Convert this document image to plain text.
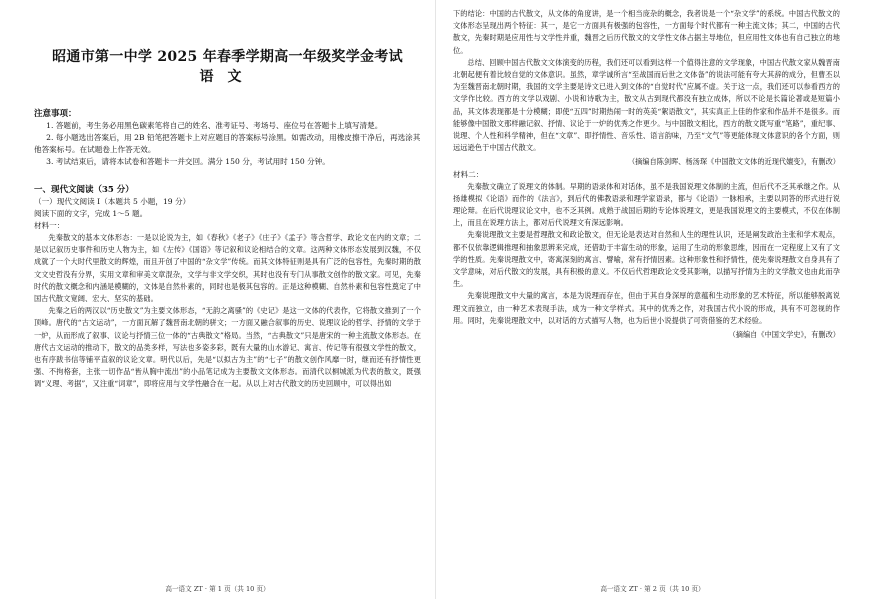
昭通市第一中学 2025 年春季学期高一年级奖学金考试
语文
注意事项：
1. 答题前，考生务必用黑色碳素笔将自己的姓名、准考证号、考场号、座位号在答题卡上填写清楚。
2. 每小题选出答案后，用 2B 铅笔把答题卡上对应题目的答案标号涂黑。如需改动，用橡皮擦干净后，再选涂其他答案标号。在试题卷上作答无效。
3. 考试结束后，请将本试卷和答题卡一并交回。满分 150 分，考试用时 150 分钟。
一、现代文阅读（35 分）
（一）现代文阅读 I（本题共 5 小题，19 分）
阅读下面的文字，完成 1～5 题。
材料一：
先秦散文的基本文体形态：一是以论说为主，如《春秋》《老子》《庄子》《孟子》等含哲学、政论文在内的文章；二是以记叙历史事件和历史人物为主，如《左传》《国语》等记叙和议论相结合的文章。这两种文体形态发展到汉魏，不仅成就了一个大时代里散文的辉煌，而且开创了中国的“杂文学”传统。而其文体特征则是具有广泛的包容性，先秦时期的散文文史哲没有分界，实用文章和审美文章混杂，文学与非文学交织，其时也没有专门从事散文创作的散文家。可见，先秦时代的散文概念和内涵是模糊的，文体是自然朴素的，同时也是极其包容的。正是这种模糊、自然朴素和包容性奠定了中国古代散文宽阔、宏大、坚实的基础。
先秦之后的两汉以“历史散文”为主要文体形态，“无韵之离骚”的《史记》是这一文体的代表作，它将散文推到了一个顶峰。唐代的“古文运动”，一方面瓦解了魏晋南北朝的骈文；一方面又融合叙事的历史、说理议论的哲学、抒情的文学于一炉，从而形成了叙事、议论与抒情三位一体的“古典散文”格局。当然，“古典散文”只是唐宋的一种主流散文体形态。在唐代古文运动的推动下，散文的品类多样，写法也多姿多彩，既有大量的山水游记、寓言、传记等有很强文学性的散文，也有序跋书信等铺平直叙的议论文章。明代以后，先是“以拟古为主”的“七子”的散文创作风靡一时，继而还有抒情性更强、不拘格套，主张一切作品“皆从胸中流出”的小品笔记成为主要散文文体形态。而清代以桐城派为代表的散文，既强调“义理、考据”，又注重“词章”，即将应用与文学性融合在一起。从以上对古代散文的历史回顾中，可以得出如
高一语文 ZT · 第 1 页（共 10 页）
下的结论：中国的古代散文，从文体的角度讲，是一个相当庞杂的概念，我者说是一个“杂文学”的系统。中国古代散文的文体形态呈现出两个特征：其一，是它一方面具有极强的包容性，一方面每个时代都有一种主流文体；其二，中国的古代散文，先秦时期是应用性与文学性并重，魏晋之后历代散文的文学性文体占据主导地位，但应用性文体也有自己独立的地位。
总结、回顾中国古代散文文体演变的历程，我们还可以看到这样一个值得注意的文学现象，中国古代散文家从魏晋南北朝起便有着比较自觉的文体意识。虽然，章学诚所言“至战国而后世之文体备”的说法可能有夸大其辞的成分，但曹丕以为至魏晋南北朝时期，我国的文学主要是诗文已进入到文体的“自觉时代”应属不虚。关于这一点，我们还可以参看西方的文学作比较。西方的文学以戏剧、小说和诗歌为主，散文从古到现代都没有独立成体，所以不论是长篇论著或是短篇小品，其文体表现都是十分模糊；即使“五四”时期热闹一时的英美“絮语散文”，其实真正上佳的作家和作品并不是很多。而能够像中国散文那样融记叙、抒情、议论于一炉的优秀之作更少。与中国散文相比，西方的散文既写重“笔路”，重纪事、说理、个人性和科学精神，但在“文章”、即抒情性、音乐性、语言韵味，乃至“文气”等更能体现文体意识的各个方面，则远远逊色于中国古代散文。
（摘编自陈剑晖、杨汤琛《中国散文文体的近现代嬗变》，有删改）
材料二：
先秦散文确立了说理文的体制。早期的语录体和对话体，虽不是我国说理文体制的主流，但后代不乏其承继之作。从扬雄模拟《论语》而作的《法言》，到后代的佛教语录和理学家语录，都与《论语》一脉相承，主要以同答的形式进行说理论辩。在后代说理议论文中，也不乏其例。成熟于战国后期的专论体说理文，更是我国说理文的主要模式，不仅在体制上，而且在说理方法上，都对后代说理文有深远影响。
先秦说理散文主要是哲理散文和政论散文，但无论是表达对自然和人生的理性认识，还是阐发政治主张和学术观点，都不仅依靠逻辑推理和抽象思辨来完成，还借助于丰富生动的形象，运用了生动的形象思维，因而在一定程度上又有了文学的性质。先秦说理散文中，寄寓深刻的寓言、譬喻，常有抒情因素。这种形象性和抒情性，使先秦说理散文自身具有了文学意味，对后代散文的发展，具有积极的意义。不仅后代哲理政论文受其影响，以描写抒情为主的文学散文也由此而孕生。
先秦说理散文中大量的寓言，本是为说理而存在，但由于其自身深厚的意蕴和生动形象的艺术特征，所以能够脱离说理文而独立，由一种艺术表现手法，成为一种文学样式。其中的优秀之作，对我国古代小说的形成，具有不可忽视的作用。同时，先秦说理散文中，以对话的方式描写人物，也为后世小说提供了可资借鉴的艺术经验。
（摘编自《中国文学史》，有删改）
高一语文 ZT · 第 2 页（共 10 页）
